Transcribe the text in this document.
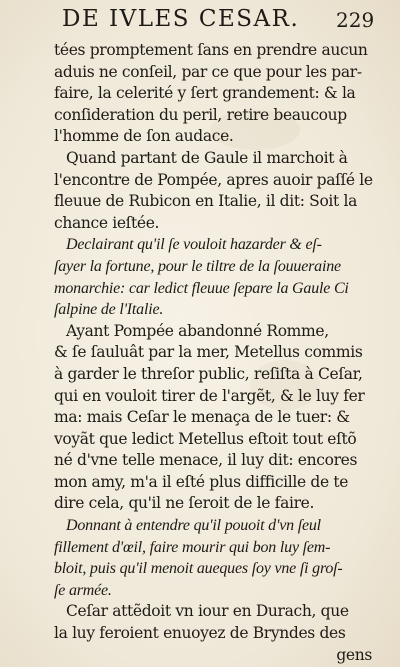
DE IVLES CESAR. 229
tées promptement ſans en prendre aucun
aduis ne conſeil, par ce que pour les par-
faire, la celerité y ſert grandement: & la
conſideration du peril, retire beaucoup
l'homme de ſon audace.
Quand partant de Gaule il marchoit à
l'encontre de Pompée, apres auoir paſſé le
fleuue de Rubicon en Italie, il dit: Soit la
chance ieſtée.
Declairant qu'il ſe vouloit hazarder & eſ-
ſayer la fortune, pour le tiltre de la ſouueraine
monarchie: car ledict fleuue ſepare la Gaule Ci
ſalpine de l'Italie.
Ayant Pompée abandonné Romme,
& ſe ſauluât par la mer, Metellus commis
à garder le threſor public, reſiſta à Ceſar,
qui en vouloit tirer de l'argẽt, & le luy fer
ma: mais Ceſar le menaça de le tuer: &
voyãt que ledict Metellus eſtoit tout eſtõ
né d'vne telle menace, il luy dit: encores
mon amy, m'a il eſté plus difficille de te
dire cela, qu'il ne ſeroit de le faire.
Donnant à entendre qu'il pouoit d'vn ſeul
fillement d'œil, faire mourir qui bon luy ſem-
bloit, puis qu'il menoit aueques ſoy vne ſi groſ-
ſe armée.
Ceſar attẽdoit vn iour en Durach, que
la luy feroient enuoyez de Bryndes des
gens
